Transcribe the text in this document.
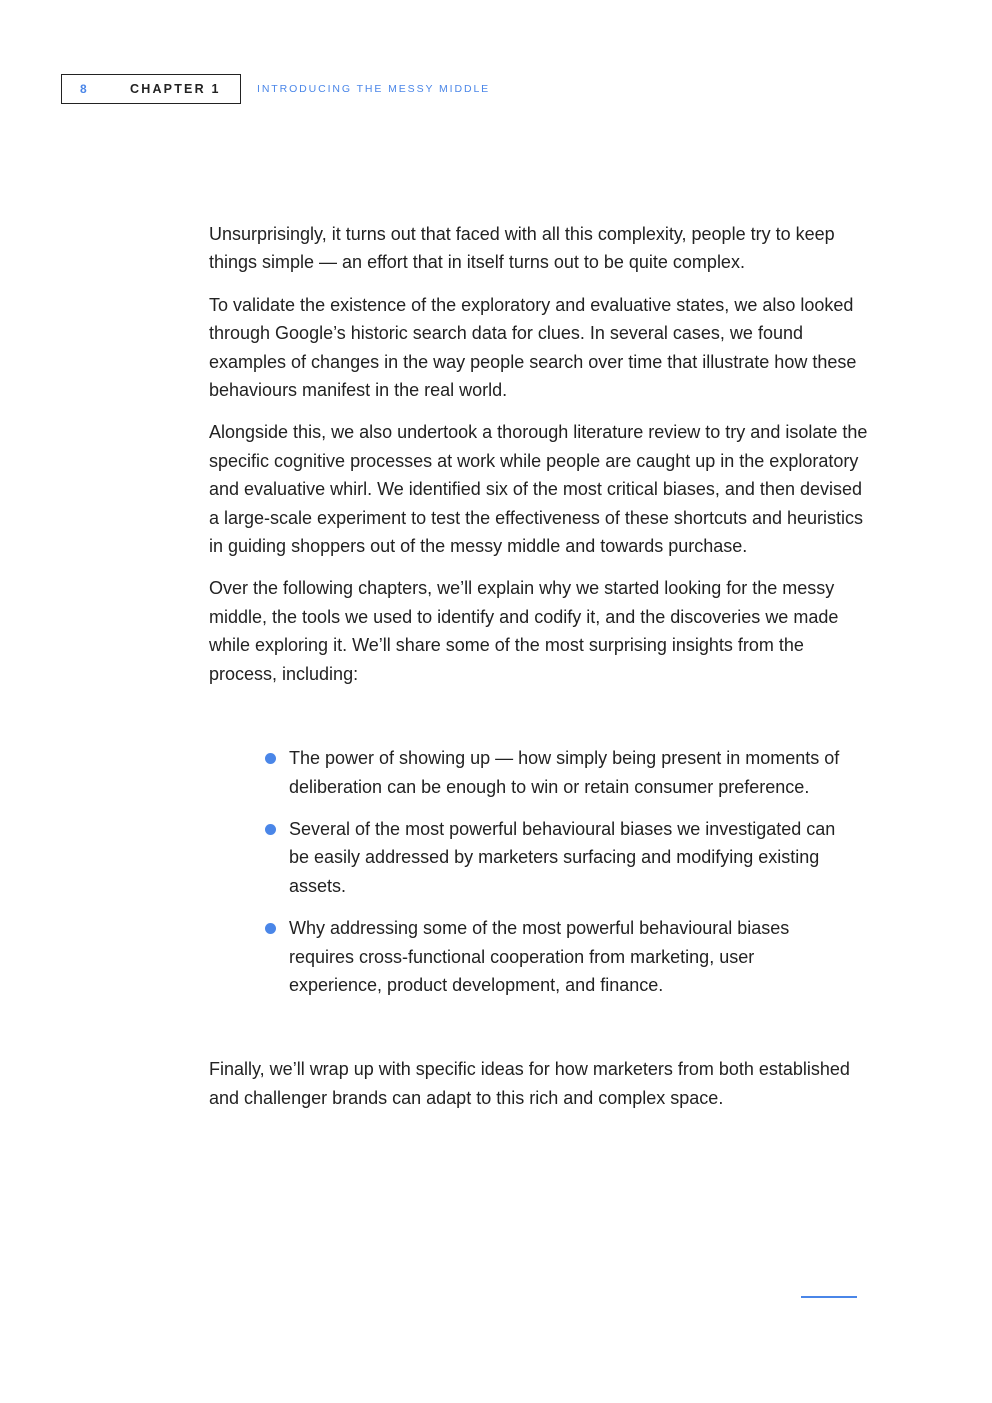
8	CHAPTER 1	INTRODUCING THE MESSY MIDDLE

Unsurprisingly, it turns out that faced with all this complexity, people try to keep things simple — an effort that in itself turns out to be quite complex.

To validate the existence of the exploratory and evaluative states, we also looked through Google’s historic search data for clues. In several cases, we found examples of changes in the way people search over time that illustrate how these behaviours manifest in the real world.

Alongside this, we also undertook a thorough literature review to try and isolate the specific cognitive processes at work while people are caught up in the exploratory and evaluative whirl. We identified six of the most critical biases, and then devised a large-scale experiment to test the effectiveness of these shortcuts and heuristics in guiding shoppers out of the messy middle and towards purchase.

Over the following chapters, we’ll explain why we started looking for the messy middle, the tools we used to identify and codify it, and the discoveries we made while exploring it. We’ll share some of the most surprising insights from the process, including:

The power of showing up — how simply being present in moments of deliberation can be enough to win or retain consumer preference.
Several of the most powerful behavioural biases we investigated can be easily addressed by marketers surfacing and modifying existing assets.
Why addressing some of the most powerful behavioural biases requires cross-functional cooperation from marketing, user experience, product development, and finance.

Finally, we’ll wrap up with specific ideas for how marketers from both established and challenger brands can adapt to this rich and complex space.
